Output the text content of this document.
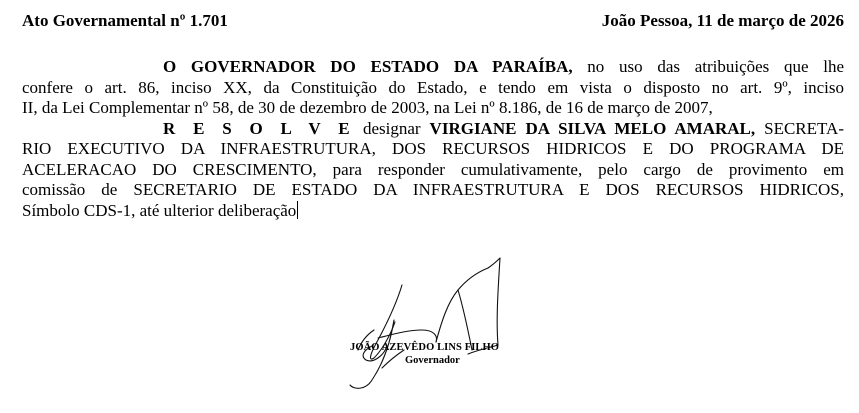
Ato Governamental nº 1.701	João Pessoa, 11 de março de 2026
O GOVERNADOR DO ESTADO DA PARAÍBA, no uso das atribuições que lhe
confere o art. 86, inciso XX, da Constituição do Estado, e tendo em vista o disposto no art. 9º, inciso
II, da Lei Complementar nº 58, de 30 de dezembro de 2003, na Lei nº 8.186, de 16 de março de 2007,
R E S O L V E designar VIRGIANE DA SILVA MELO AMARAL, SECRETA-
RIO EXECUTIVO DA INFRAESTRUTURA, DOS RECURSOS HIDRICOS E DO PROGRAMA DE
ACELERACAO DO CRESCIMENTO, para responder cumulativamente, pelo cargo de provimento em
comissão de SECRETARIO DE ESTADO DA INFRAESTRUTURA E DOS RECURSOS HIDRICOS,
Símbolo CDS-1, até ulterior deliberação
JOÃO AZEVÊDO LINS FILHO
Governador
